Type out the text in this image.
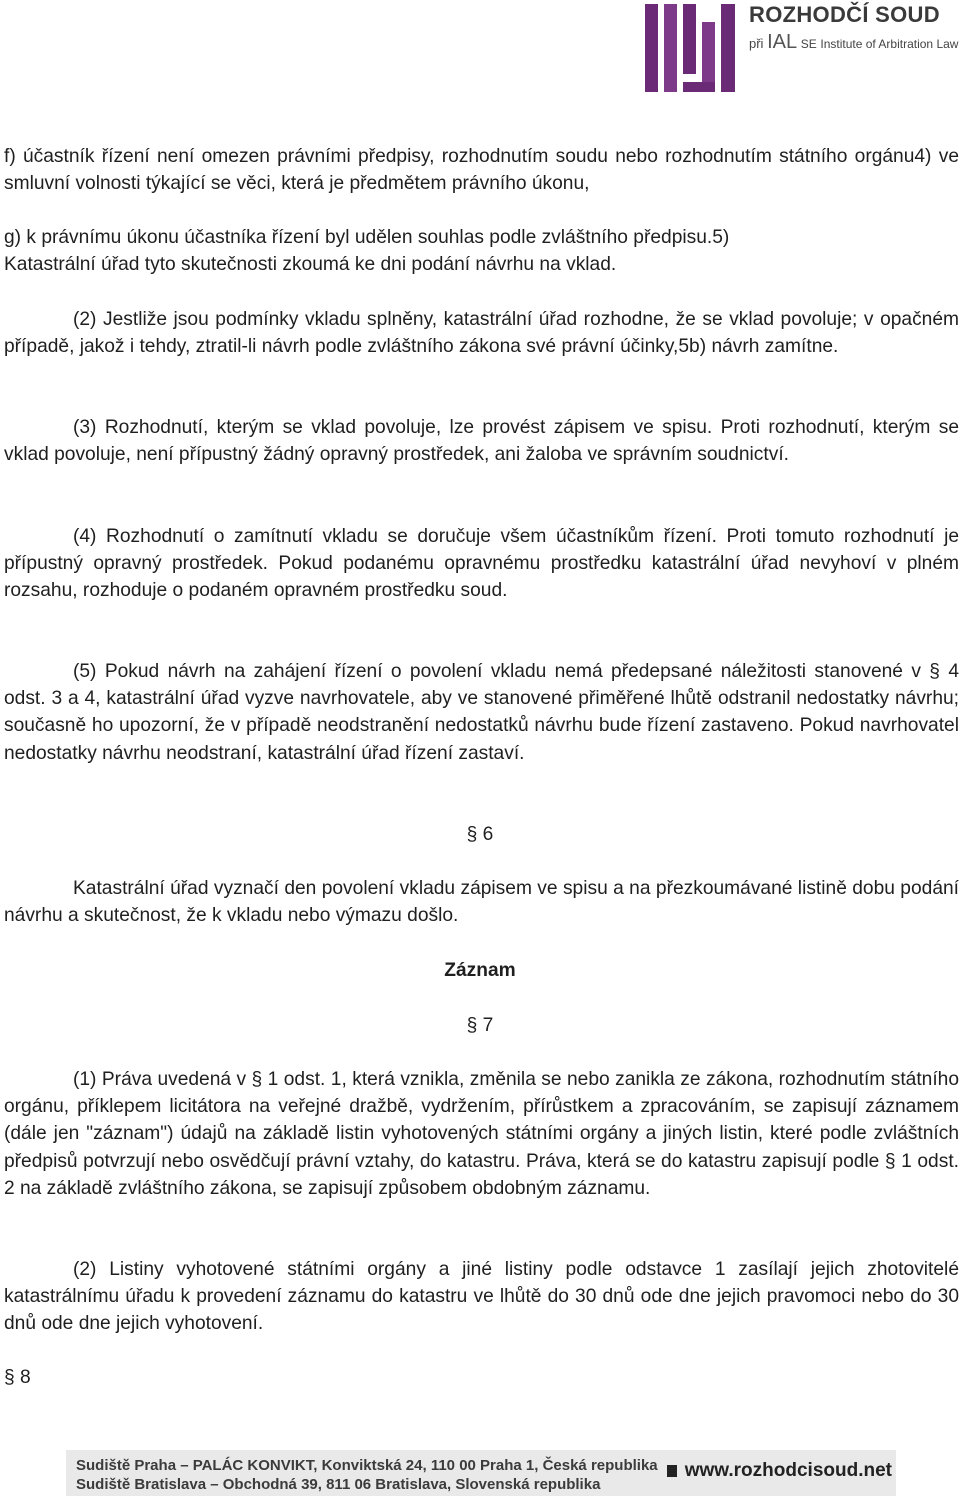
ROZHODČÍ SOUD
při IAL SE Institute of Arbitration Law

f) účastník řízení není omezen právními předpisy, rozhodnutím soudu nebo rozhodnutím státního orgánu4) ve smluvní volnosti týkající se věci, která je předmětem právního úkonu,

g) k právnímu úkonu účastníka řízení byl udělen souhlas podle zvláštního předpisu.5)

Katastrální úřad tyto skutečnosti zkoumá ke dni podání návrhu na vklad.

(2) Jestliže jsou podmínky vkladu splněny, katastrální úřad rozhodne, že se vklad povoluje; v opačném případě, jakož i tehdy, ztratil-li návrh podle zvláštního zákona své právní účinky,5b) návrh zamítne.

(3) Rozhodnutí, kterým se vklad povoluje, lze provést zápisem ve spisu. Proti rozhodnutí, kterým se vklad povoluje, není přípustný žádný opravný prostředek, ani žaloba ve správním soudnictví.

(4) Rozhodnutí o zamítnutí vkladu se doručuje všem účastníkům řízení. Proti tomuto rozhodnutí je přípustný opravný prostředek. Pokud podanému opravnému prostředku katastrální úřad nevyhoví v plném rozsahu, rozhoduje o podaném opravném prostředku soud.

(5) Pokud návrh na zahájení řízení o povolení vkladu nemá předepsané náležitosti stanovené v § 4 odst. 3 a 4, katastrální úřad vyzve navrhovatele, aby ve stanovené přiměřené lhůtě odstranil nedostatky návrhu; současně ho upozorní, že v případě neodstranění nedostatků návrhu bude řízení zastaveno. Pokud navrhovatel nedostatky návrhu neodstraní, katastrální úřad řízení zastaví.

§ 6

Katastrální úřad vyznačí den povolení vkladu zápisem ve spisu a na přezkoumávané listině dobu podání návrhu a skutečnost, že k vkladu nebo výmazu došlo.

Záznam

§ 7

(1) Práva uvedená v § 1 odst. 1, která vznikla, změnila se nebo zanikla ze zákona, rozhodnutím státního orgánu, příklepem licitátora na veřejné dražbě, vydržením, přírůstkem a zpracováním, se zapisují záznamem (dále jen "záznam") údajů na základě listin vyhotovených státními orgány a jiných listin, které podle zvláštních předpisů potvrzují nebo osvědčují právní vztahy, do katastru. Práva, která se do katastru zapisují podle § 1 odst. 2 na základě zvláštního zákona, se zapisují způsobem obdobným záznamu.

(2) Listiny vyhotovené státními orgány a jiné listiny podle odstavce 1 zasílají jejich zhotovitelé katastrálnímu úřadu k provedení záznamu do katastru ve lhůtě do 30 dnů ode dne jejich pravomoci nebo do 30 dnů ode dne jejich vyhotovení.

§ 8

Sudiště Praha – PALÁC KONVIKT, Konviktská 24, 110 00 Praha 1, Česká republika
Sudiště Bratislava – Obchodná 39, 811 06 Bratislava, Slovenská republika
www.rozhodcisoud.net
